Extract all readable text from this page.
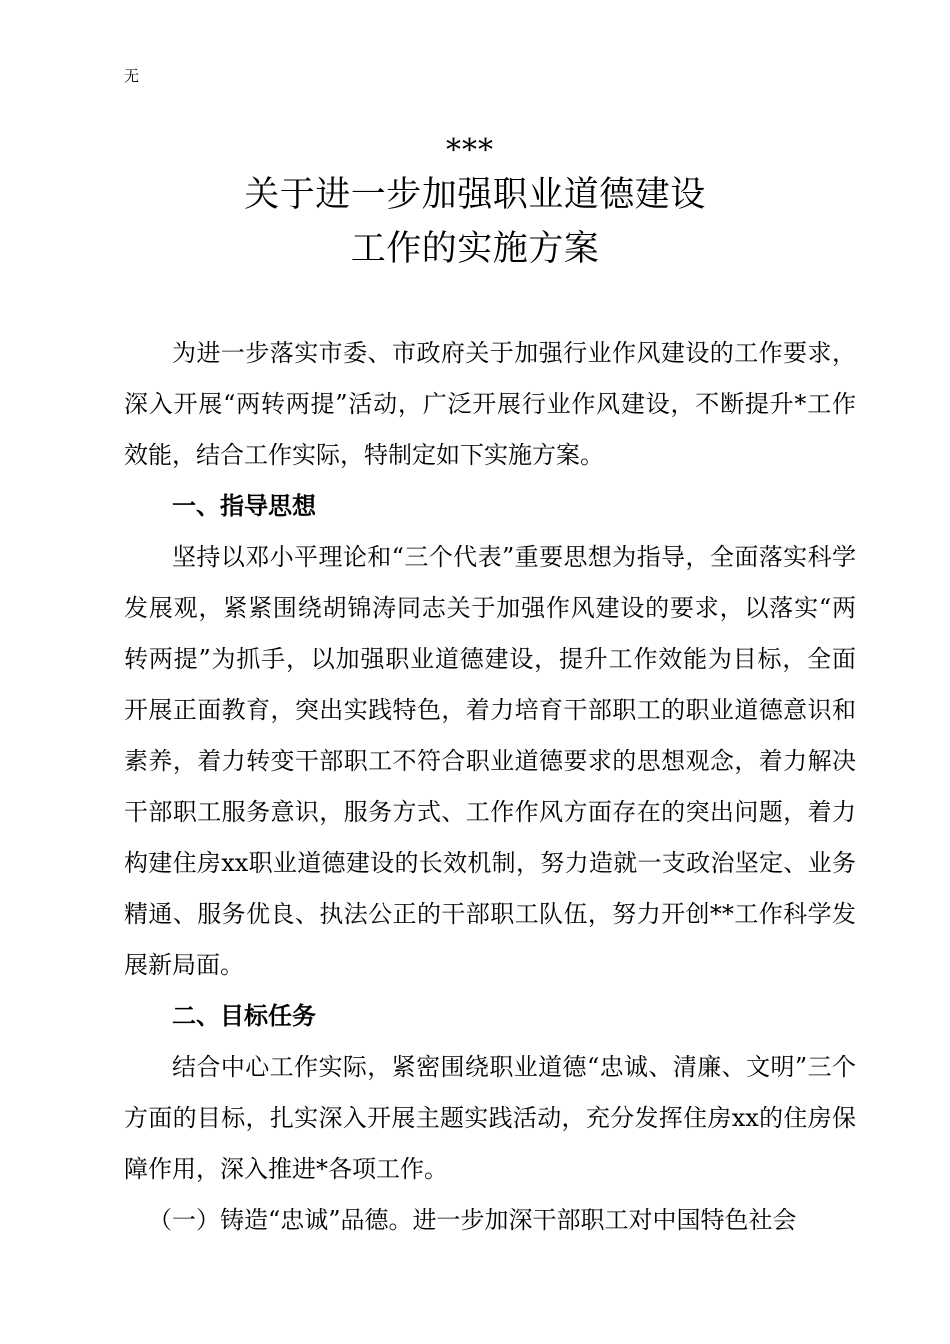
无
***
关于进一步加强职业道德建设
工作的实施方案

为进一步落实市委、市政府关于加强行业作风建设的工作要求，深入开展“两转两提”活动，广泛开展行业作风建设，不断提升*工作效能，结合工作实际，特制定如下实施方案。

一、指导思想

坚持以邓小平理论和“三个代表”重要思想为指导，全面落实科学发展观，紧紧围绕胡锦涛同志关于加强作风建设的要求，以落实“两转两提”为抓手，以加强职业道德建设，提升工作效能为目标，全面开展正面教育，突出实践特色，着力培育干部职工的职业道德意识和素养，着力转变干部职工不符合职业道德要求的思想观念，着力解决干部职工服务意识，服务方式、工作作风方面存在的突出问题，着力构建住房xx职业道德建设的长效机制，努力造就一支政治坚定、业务精通、服务优良、执法公正的干部职工队伍，努力开创**工作科学发展新局面。

二、目标任务

结合中心工作实际，紧密围绕职业道德“忠诚、清廉、文明”三个方面的目标，扎实深入开展主题实践活动，充分发挥住房xx的住房保障作用，深入推进*各项工作。

（一）铸造“忠诚”品德。进一步加深干部职工对中国特色社会
